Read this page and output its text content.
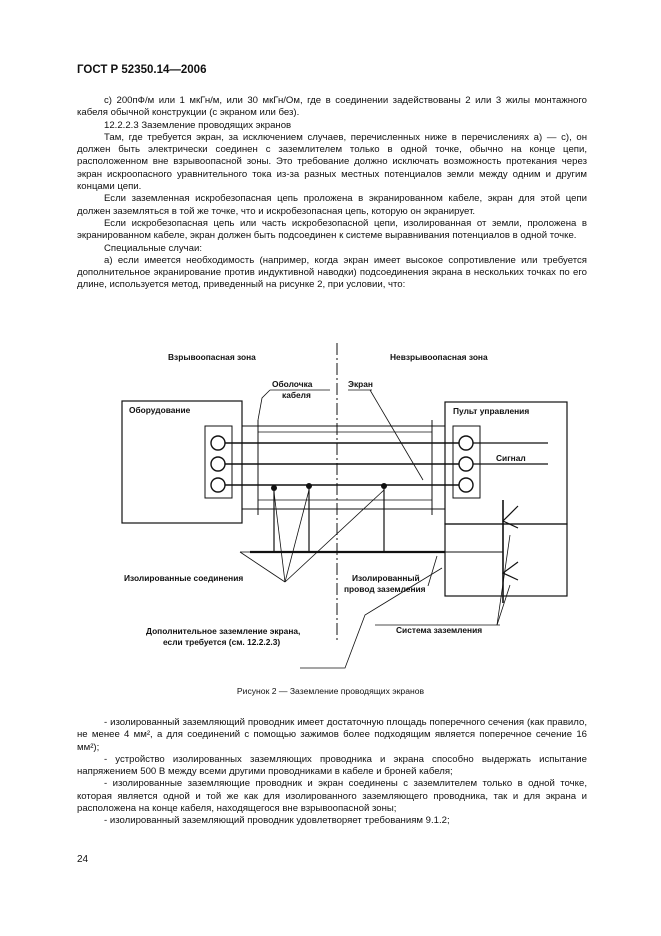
ГОСТ Р 52350.14—2006

с) 200пФ/м или 1 мкГн/м, или 30 мкГн/Ом, где в соединении задействованы 2 или 3 жилы монтажного кабеля обычной конструкции (с экраном или без).

12.2.2.3 Заземление проводящих экранов

Там, где требуется экран, за исключением случаев, перечисленных ниже в перечислениях а) — с), он должен быть электрически соединен с заземлителем только в одной точке, обычно на конце цепи, расположенном вне взрывоопасной зоны. Это требование должно исключать возможность протекания через экран искроопасного уравнительного тока из-за разных местных потенциалов земли между одним и другим концами цепи.

Если заземленная искробезопасная цепь проложена в экранированном кабеле, экран для этой цепи должен заземляться в той же точке, что и искробезопасная цепь, которую он экранирует.

Если искробезопасная цепь или часть искробезопасной цепи, изолированная от земли, проложена в экранированном кабеле, экран должен быть подсоединен к системе выравнивания потенциалов в одной точке.

Специальные случаи:

а) если имеется необходимость (например, когда экран имеет высокое сопротивление или требуется дополнительное экранирование против индуктивной наводки) подсоединения экрана в нескольких точках по его длине, используется метод, приведенный на рисунке 2, при условии, что:

Взрывоопасная зона	Невзрывоопасная зона
Оборудование	Пульт управления
Сигнал
Оболочка
кабеля
Экран
Изолированные соединения	Изолированный
провод заземления
Дополнительное заземление экрана,
если требуется (см. 12.2.2.3)
Система заземления
Рисунок 2 — Заземление проводящих экранов

- изолированный заземляющий проводник имеет достаточную площадь поперечного сечения (как правило, не менее 4 мм², а для соединений с помощью зажимов более подходящим является поперечное сечение 16 мм²);

- устройство изолированных заземляющих проводника и экрана способно выдержать испытание напряжением 500 В между всеми другими проводниками в кабеле и броней кабеля;

- изолированные заземляющие проводник и экран соединены с заземлителем только в одной точке, которая является одной и той же как для изолированного заземляющего проводника, так и для экрана и расположена на конце кабеля, находящегося вне взрывоопасной зоны;

- изолированный заземляющий проводник удовлетворяет требованиям 9.1.2;

24
